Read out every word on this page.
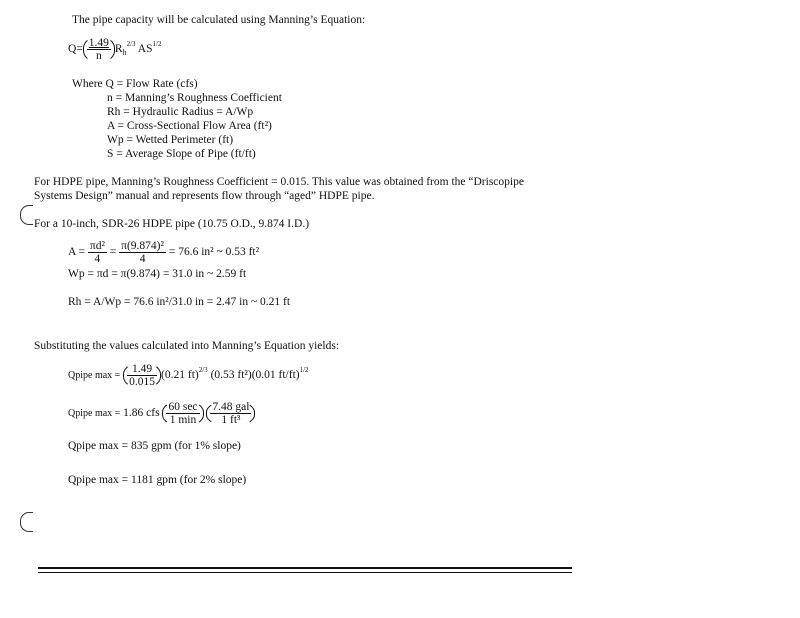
The pipe capacity will be calculated using Manning’s Equation:
$Q= \frac{1.49}{n} R_h^{2/3}$ $AS^{1/2}$
Where Q = Flow Rate (cfs)
n = Manning’s Roughness Coefficient
Rh = Hydraulic Radius = A/Wp
A = Cross-Sectional Flow Area (ft²)
Wp = Wetted Perimeter (ft)
S = Average Slope of Pipe (ft/ft)
For HDPE pipe, Manning’s Roughness Coefficient = 0.015. This value was obtained from the “Driscopipe
Systems Design” manual and represents flow through “aged” HDPE pipe.
For a 10-inch, SDR-26 HDPE pipe (10.75 O.D., 9.874 I.D.)
$A = \frac{\text{πd²}}{4} = \frac{\text{π(9.874)²}}{4} = 76.6$ in² ~ 0.53 ft²
Wp = πd = π(9.874) = 31.0 in ~ 2.59 ft
Rh = A/Wp = 76.6 in²/31.0 in = 2.47 in ~ 0.21 ft
Substituting the values calculated into Manning’s Equation yields:
Qpipe $\max = \frac{1.49}{0.015} (0.21$ ft)$^{2/3}$ (0.53 ft²)(0.01 ft/ft)$^{1/2}$
Qpipe max = 1.86 cfs $\frac{60 \sec}{1 \min}$
$\frac{\text{7.48 gal}}{\text{1 ft³}}$
Qpipe max = 835 gpm (for 1% slope)
Qpipe max = 1181 gpm (for 2% slope)
